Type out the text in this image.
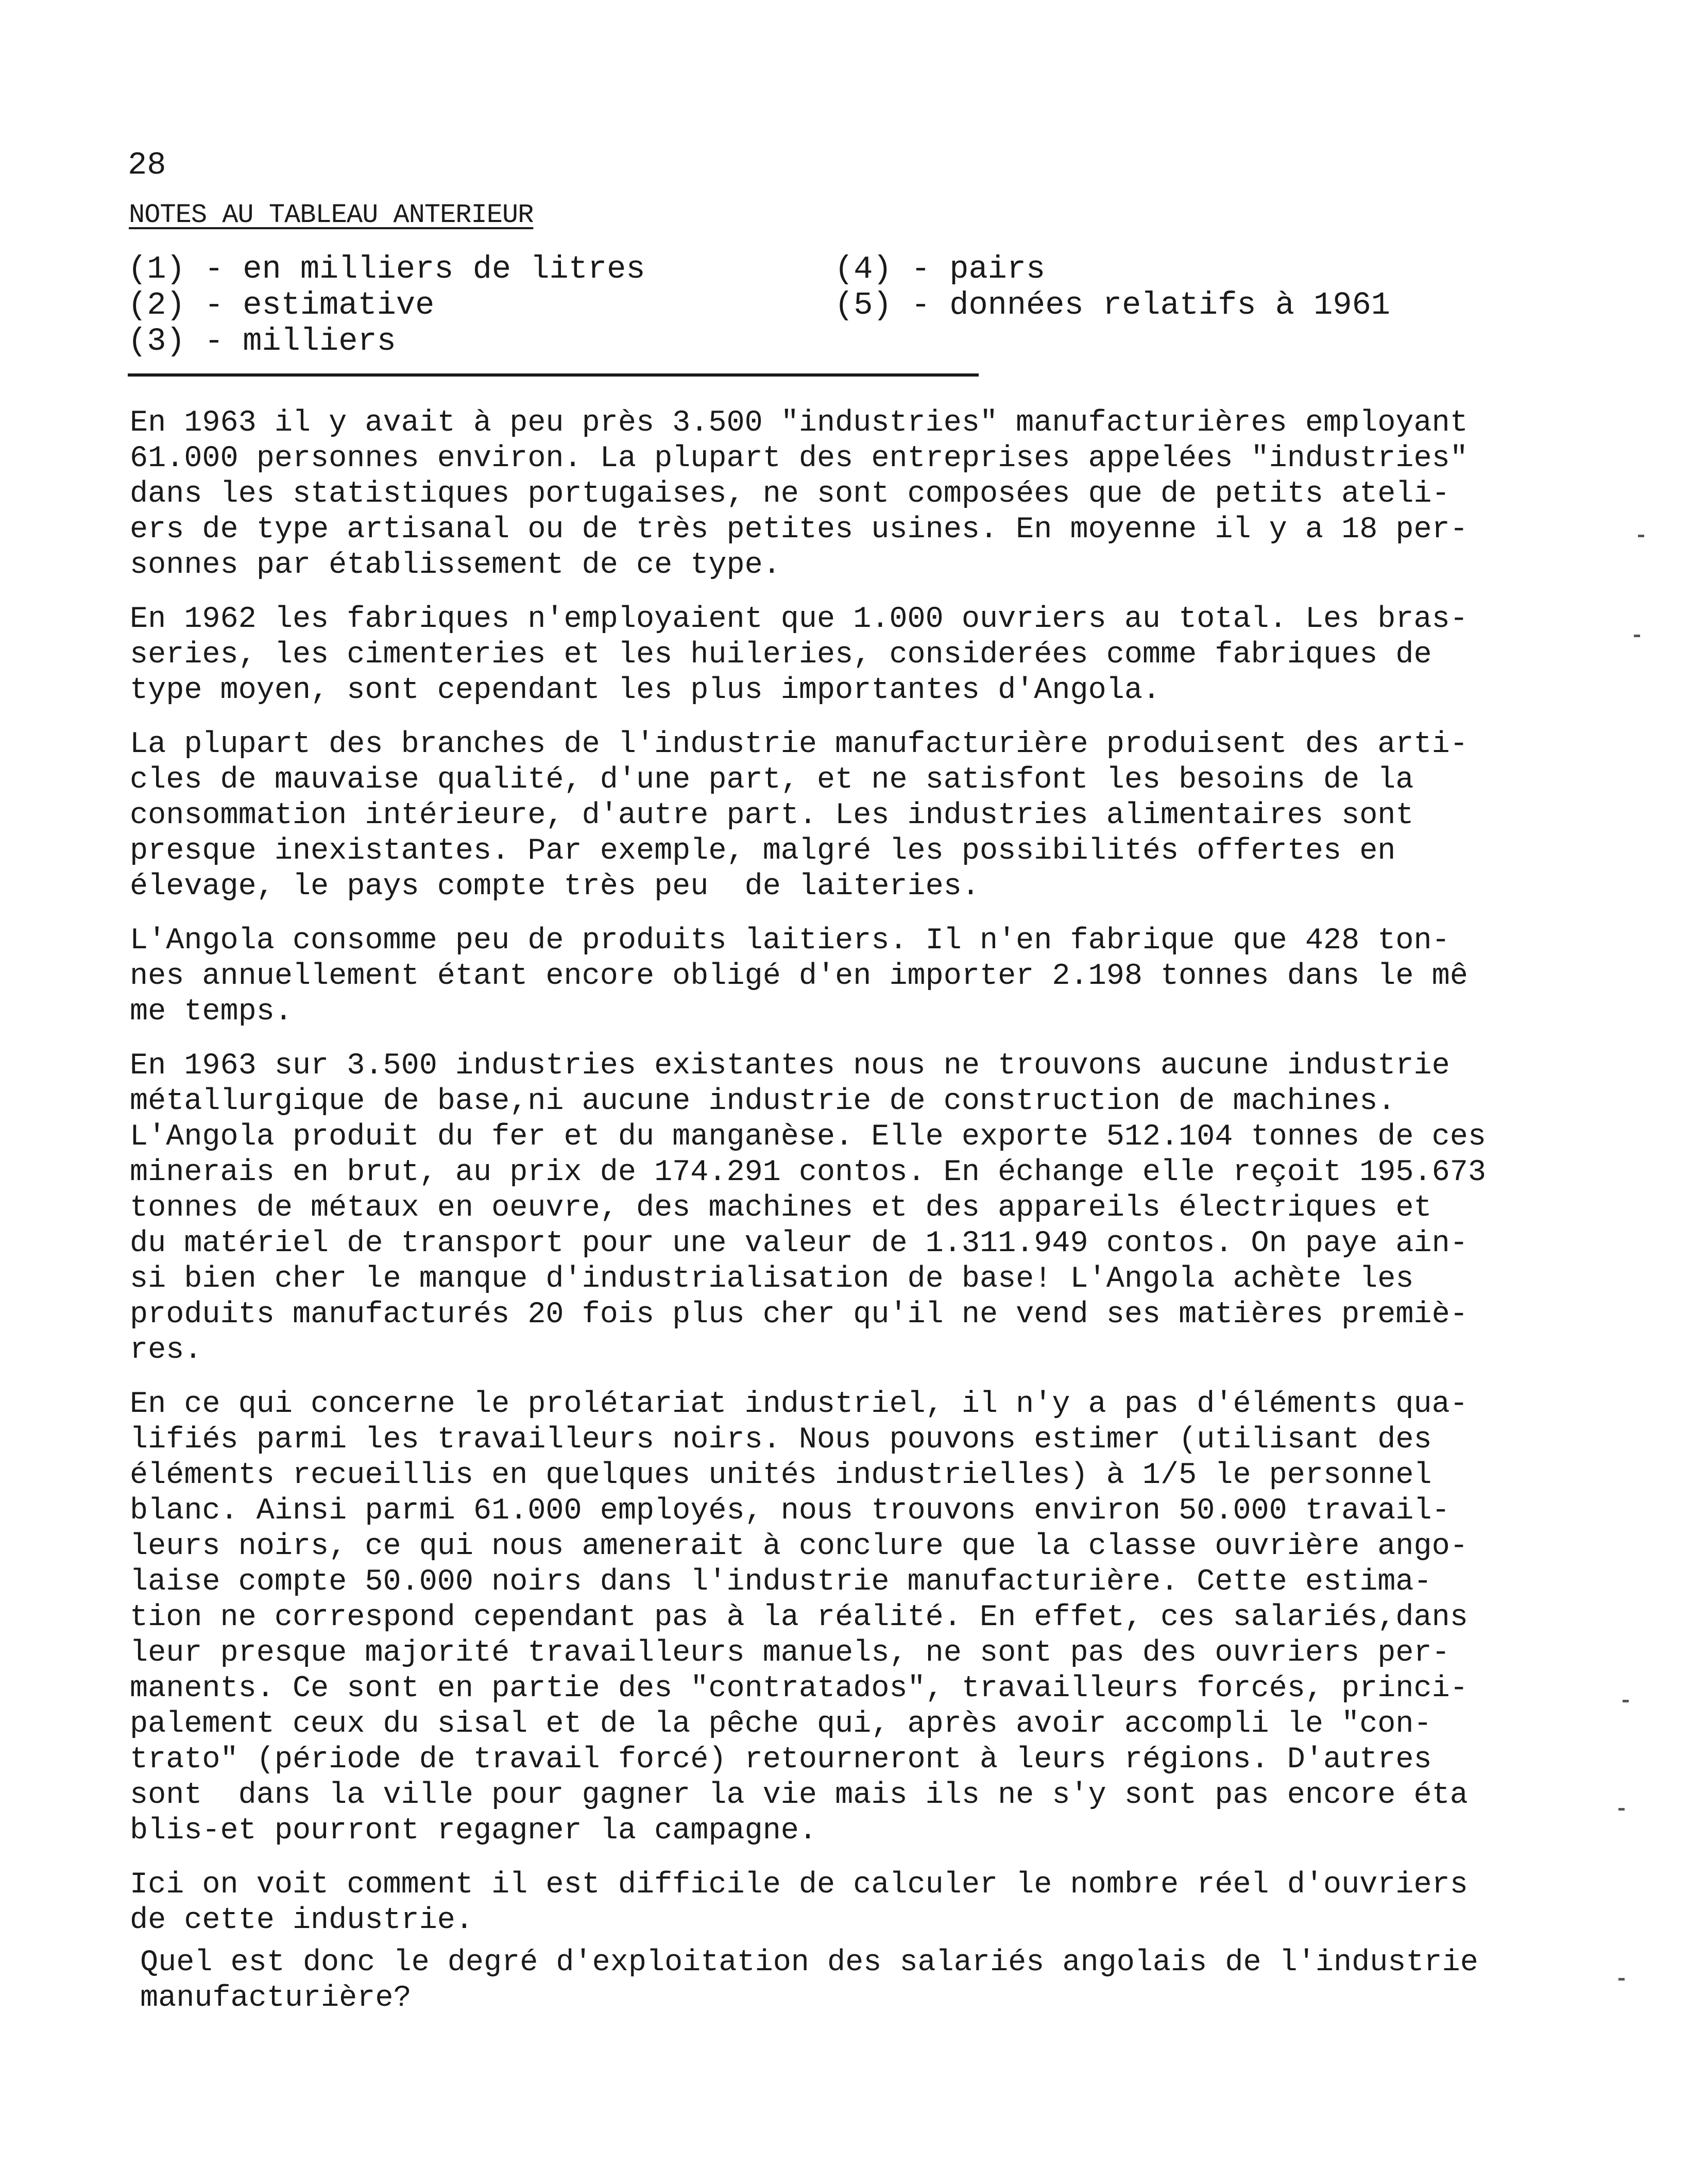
28
NOTES AU TABLEAU ANTERIEUR
(1) - en milliers de litres
(2) - estimative
(3) - milliers
(4) - pairs
(5) - données relatifs à 1961
En 1963 il y avait à peu près 3.500 "industries" manufacturières employant
61.000 personnes environ. La plupart des entreprises appelées "industries"
dans les statistiques portugaises, ne sont composées que de petits ateli-
ers de type artisanal ou de très petites usines. En moyenne il y a 18 per-
sonnes par établissement de ce type.
En 1962 les fabriques n'employaient que 1.000 ouvriers au total. Les bras-
series, les cimenteries et les huileries, considerées comme fabriques de
type moyen, sont cependant les plus importantes d'Angola.
La plupart des branches de l'industrie manufacturière produisent des arti-
cles de mauvaise qualité, d'une part, et ne satisfont les besoins de la
consommation intérieure, d'autre part. Les industries alimentaires sont
presque inexistantes. Par exemple, malgré les possibilités offertes en
élevage, le pays compte très peu  de laiteries.
L'Angola consomme peu de produits laitiers. Il n'en fabrique que 428 ton-
nes annuellement étant encore obligé d'en importer 2.198 tonnes dans le mê
me temps.
En 1963 sur 3.500 industries existantes nous ne trouvons aucune industrie
métallurgique de base,ni aucune industrie de construction de machines.
L'Angola produit du fer et du manganèse. Elle exporte 512.104 tonnes de ces
minerais en brut, au prix de 174.291 contos. En échange elle reçoit 195.673
tonnes de métaux en oeuvre, des machines et des appareils électriques et
du matériel de transport pour une valeur de 1.311.949 contos. On paye ain-
si bien cher le manque d'industrialisation de base! L'Angola achète les
produits manufacturés 20 fois plus cher qu'il ne vend ses matières premiè-
res.
En ce qui concerne le prolétariat industriel, il n'y a pas d'éléments qua-
lifiés parmi les travailleurs noirs. Nous pouvons estimer (utilisant des
éléments recueillis en quelques unités industrielles) à 1/5 le personnel
blanc. Ainsi parmi 61.000 employés, nous trouvons environ 50.000 travail-
leurs noirs, ce qui nous amenerait à conclure que la classe ouvrière ango-
laise compte 50.000 noirs dans l'industrie manufacturière. Cette estima-
tion ne correspond cependant pas à la réalité. En effet, ces salariés,dans
leur presque majorité travailleurs manuels, ne sont pas des ouvriers per-
manents. Ce sont en partie des "contratados", travailleurs forcés, princi-
palement ceux du sisal et de la pêche qui, après avoir accompli le "con-
trato" (période de travail forcé) retourneront à leurs régions. D'autres
sont  dans la ville pour gagner la vie mais ils ne s'y sont pas encore éta
blis-et pourront regagner la campagne.
Ici on voit comment il est difficile de calculer le nombre réel d'ouvriers
de cette industrie.
Quel est donc le degré d'exploitation des salariés angolais de l'industrie
manufacturière?
